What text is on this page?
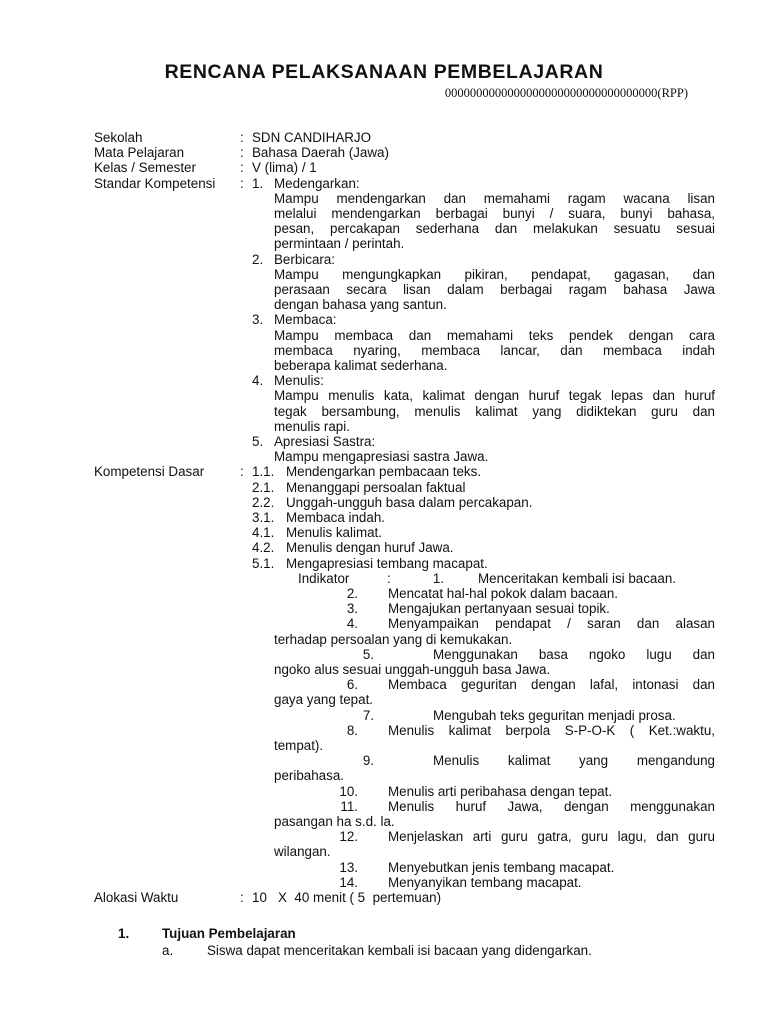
RENCANA PELAKSANAAN PEMBELAJARAN
0000000000000000000000000000000000(RPP)
Sekolah	: SDN CANDIHARJO
Mata Pelajaran	: Bahasa Daerah (Jawa)
Kelas / Semester	: V (lima) / 1
Standar Kompetensi : 1. Medengarkan:
Mampu mendengarkan dan memahami ragam wacana lisan
melalui mendengarkan berbagai bunyi / suara, bunyi bahasa,
pesan, percakapan sederhana dan melakukan sesuatu sesuai
permintaan / perintah.
2. Berbicara:
Mampu mengungkapkan pikiran, pendapat, gagasan, dan
perasaan secara lisan dalam berbagai ragam bahasa Jawa
dengan bahasa yang santun.
3. Membaca:
Mampu membaca dan memahami teks pendek dengan cara
membaca nyaring, membaca lancar, dan membaca indah
beberapa kalimat sederhana.
4. Menulis:
Mampu menulis kata, kalimat dengan huruf tegak lepas dan huruf
tegak bersambung, menulis kalimat yang didiktekan guru dan
menulis rapi.
5. Apresiasi Sastra:
Mampu mengapresiasi sastra Jawa.
Kompetensi Dasar	: 1.1. Mendengarkan pembacaan teks.
2.1. Menanggapi persoalan faktual
2.2. Unggah-ungguh basa dalam percakapan.
3.1. Membaca indah.
4.1. Menulis kalimat.
4.2. Menulis dengan huruf Jawa.
5.1. Mengapresiasi tembang macapat.
Indikator	:	1.	Menceritakan kembali isi bacaan.
2. Mencatat hal-hal pokok dalam bacaan.
3. Mengajukan pertanyaan sesuai topik.
4. Menyampaikan pendapat / saran dan alasan
terhadap persoalan yang di kemukakan.
5.	Menggunakan basa ngoko lugu dan
ngoko alus sesuai unggah-ungguh basa Jawa.
6. Membaca geguritan dengan lafal, intonasi dan
gaya yang tepat.
7.	Mengubah teks geguritan menjadi prosa.
8. Menulis kalimat berpola S-P-O-K ( Ket.:waktu,
tempat).
9.	Menulis kalimat yang mengandung
peribahasa.
10. Menulis arti peribahasa dengan tepat.
11. Menulis huruf Jawa, dengan menggunakan
pasangan ha s.d. la.
12. Menjelaskan arti guru gatra, guru lagu, dan guru
wilangan.
13. Menyebutkan jenis tembang macapat.
14. Menyanyikan tembang macapat.
Alokasi Waktu	: 10   X  40 menit ( 5  pertemuan)
1. Tujuan Pembelajaran
a.	Siswa dapat menceritakan kembali isi bacaan yang didengarkan.
